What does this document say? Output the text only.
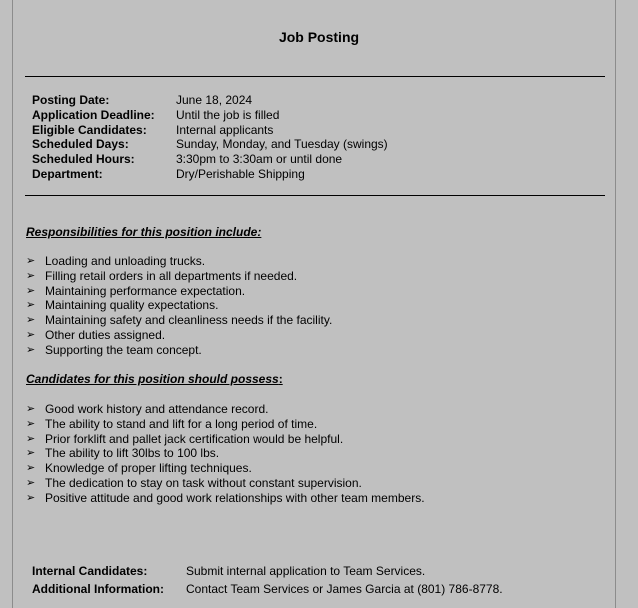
Job Posting
Posting Date:	June 18, 2024
Application Deadline: Until the job is filled
Eligible Candidates: Internal applicants
Scheduled Days:	Sunday, Monday, and Tuesday (swings)
Scheduled Hours:	3:30pm to 3:30am or until done
Department:	Dry/Perishable Shipping
Responsibilities for this position include:
➢ Loading and unloading trucks.
➢ Filling retail orders in all departments if needed.
➢ Maintaining performance expectation.
➢ Maintaining quality expectations.
➢ Maintaining safety and cleanliness needs if the facility.
➢ Other duties assigned.
➢ Supporting the team concept.
Candidates for this position should possess:
➢ Good work history and attendance record.
➢ The ability to stand and lift for a long period of time.
➢ Prior forklift and pallet jack certification would be helpful.
➢ The ability to lift 30lbs to 100 lbs.
➢ Knowledge of proper lifting techniques.
➢ The dedication to stay on task without constant supervision.
➢ Positive attitude and good work relationships with other team members.
Internal Candidates:	Submit internal application to Team Services.
Additional Information: Contact Team Services or James Garcia at (801) 786-8778.
